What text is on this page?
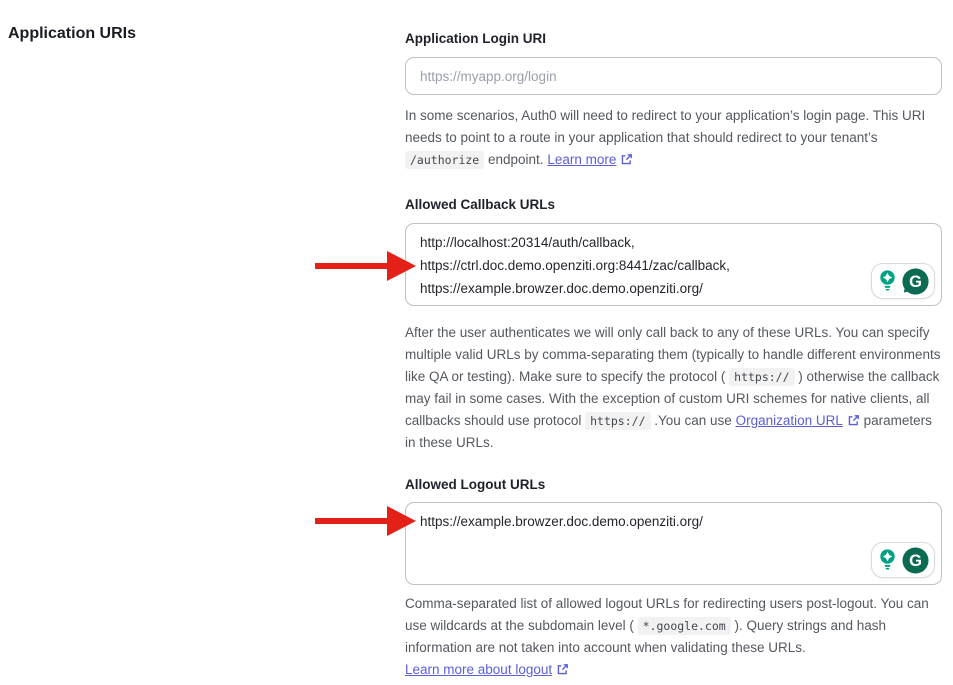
Application URIs	Application Login URI
https://myapp.org/login

In some scenarios, Auth0 will need to redirect to your application’s login page. This URI needs to point to a route in your application that should redirect to your tenant’s /authorize endpoint. Learn more

Allowed Callback URLs
http://localhost:20314/auth/callback, https://ctrl.doc.demo.openziti.org:8441/zac/callback, https://example.browzer.doc.demo.openziti.org/
G

After the user authenticates we will only call back to any of these URLs. You can specify multiple valid URLs by comma-separating them (typically to handle different environments like QA or testing). Make sure to specify the protocol ( https:// ) otherwise the callback may fail in some cases. With the exception of custom URI schemes for native clients, all callbacks should use protocol https:// .You can use Organization URL parameters in these URLs.

Allowed Logout URLs
https://example.browzer.doc.demo.openziti.org/
G

Comma-separated list of allowed logout URLs for redirecting users post-logout. You can use wildcards at the subdomain level ( *.google.com ). Query strings and hash information are not taken into account when validating these URLs.
Learn more about logout
